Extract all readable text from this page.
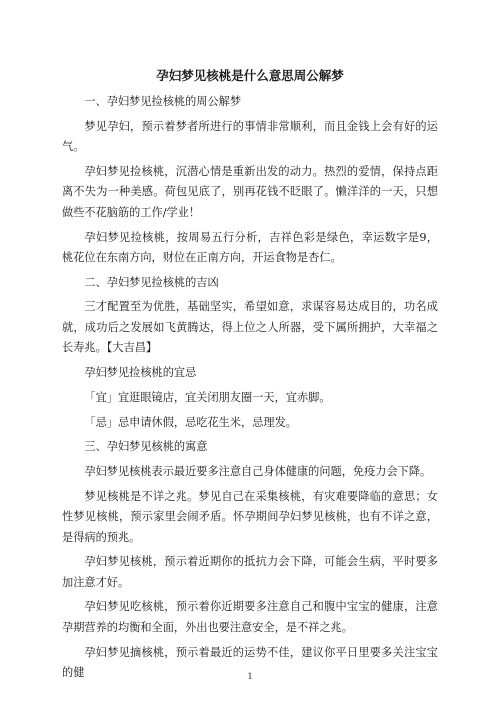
孕妇梦见核桃是什么意思周公解梦

一、孕妇梦见捡核桃的周公解梦

梦见孕妇，预示着梦者所进行的事情非常顺利，而且金钱上会有好的运气。

孕妇梦见捡核桃，沉潜心情是重新出发的动力。热烈的爱情，保持点距离不失为一种美感。荷包见底了，别再花钱不眨眼了。懒洋洋的一天，只想做些不花脑筋的工作/学业！

孕妇梦见捡核桃，按周易五行分析，吉祥色彩是绿色，幸运数字是9，桃花位在东南方向，财位在正南方向，开运食物是杏仁。

二、孕妇梦见捡核桃的吉凶

三才配置至为优胜，基础坚实，希望如意，求谋容易达成目的，功名成就，成功后之发展如飞黄腾达，得上位之人所器，受下属所拥护，大幸福之长寿兆。【大吉昌】

孕妇梦见捡核桃的宜忌

「宜」宜逛眼镜店，宜关闭朋友圈一天，宜赤脚。

「忌」忌申请休假，忌吃花生米，忌理发。

三、孕妇梦见核桃的寓意

孕妇梦见核桃表示最近要多注意自己身体健康的问题，免疫力会下降。

梦见核桃是不详之兆。梦见自己在采集核桃，有灾难要降临的意思；女性梦见核桃，预示家里会闹矛盾。怀孕期间孕妇梦见核桃，也有不详之意，是得病的预兆。

孕妇梦见核桃，预示着近期你的抵抗力会下降，可能会生病，平时要多加注意才好。

孕妇梦见吃核桃，预示着你近期要多注意自己和腹中宝宝的健康，注意孕期营养的均衡和全面，外出也要注意安全，是不祥之兆。

孕妇梦见摘核桃，预示着最近的运势不佳，建议你平日里要多关注宝宝的健	1
